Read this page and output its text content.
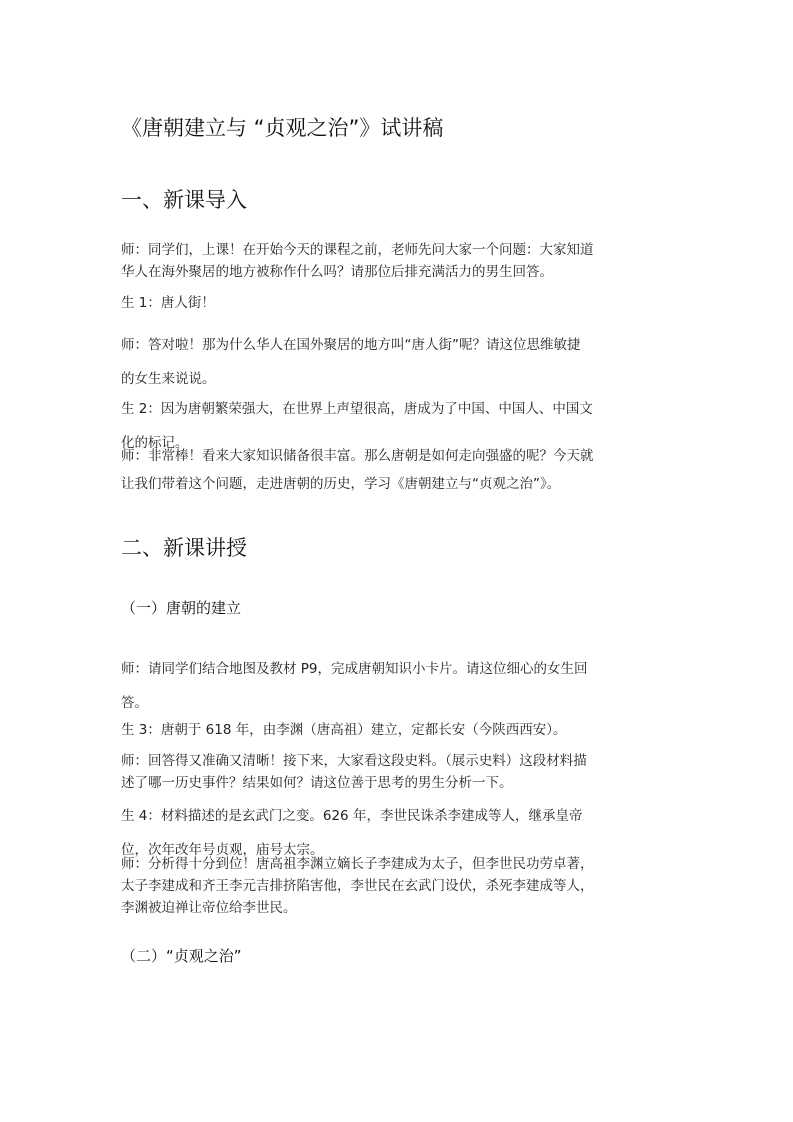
《唐朝建立与 “贞观之治”》试讲稿
一、新课导入
师：同学们，上课！在开始今天的课程之前，老师先问大家一个问题：大家知道
华人在海外聚居的地方被称作什么吗？请那位后排充满活力的男生回答。
生 1：唐人街！
师：答对啦！那为什么华人在国外聚居的地方叫“唐人街”呢？请这位思维敏捷
的女生来说说。
生 2：因为唐朝繁荣强大，在世界上声望很高，唐成为了中国、中国人、中国文
化的标记。
师：非常棒！看来大家知识储备很丰富。那么唐朝是如何走向强盛的呢？今天就
让我们带着这个问题，走进唐朝的历史，学习《唐朝建立与“贞观之治”》。
二、新课讲授
（一）唐朝的建立
师：请同学们结合地图及教材 P9，完成唐朝知识小卡片。请这位细心的女生回
答。
生 3：唐朝于 618 年，由李渊（唐高祖）建立，定都长安（今陕西西安）。
师：回答得又准确又清晰！接下来，大家看这段史料。（展示史料）这段材料描
述了哪一历史事件？结果如何？请这位善于思考的男生分析一下。
生 4：材料描述的是玄武门之变。626 年，李世民诛杀李建成等人，继承皇帝
位，次年改年号贞观，庙号太宗。
师：分析得十分到位！唐高祖李渊立嫡长子李建成为太子，但李世民功劳卓著，
太子李建成和齐王李元吉排挤陷害他，李世民在玄武门设伏，杀死李建成等人，
李渊被迫禅让帝位给李世民。
（二）“贞观之治”
